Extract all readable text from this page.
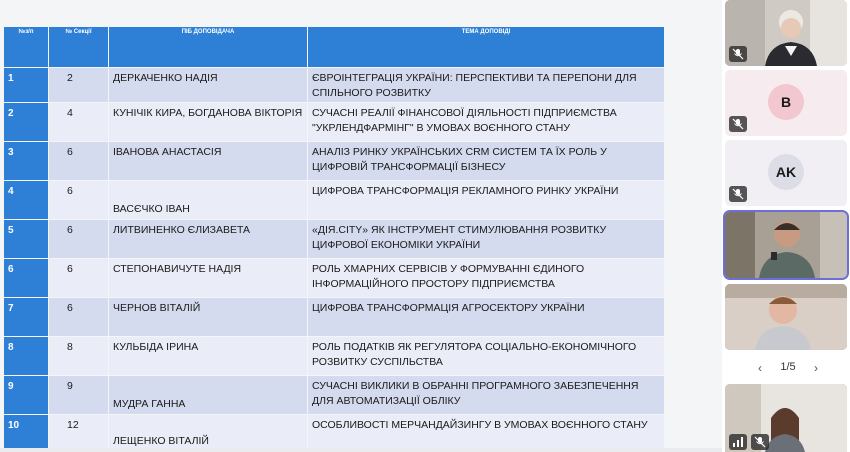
№з/п	№ Секції	ПІБ ДОПОВІДАЧА	ТЕМА ДОПОВІДІ
1	2	ДЕРКАЧЕНКО НАДІЯ	ЄВРОІНТЕГРАЦІЯ УКРАЇНИ: ПЕРСПЕКТИВИ ТА ПЕРЕПОНИ ДЛЯ СПІЛЬНОГО РОЗВИТКУ
2	4	КУНІЧІК КИРА, БОГДАНОВА ВІКТОРІЯ	СУЧАСНІ РЕАЛІЇ ФІНАНСОВОЇ ДІЯЛЬНОСТІ ПІДПРИЄМСТВА "УКРЛЕНДФАРМІНГ" В УМОВАХ ВОЄННОГО СТАНУ
3	6	ІВАНОВА АНАСТАСІЯ	АНАЛІЗ РИНКУ УКРАЇНСЬКИХ CRM СИСТЕМ ТА ЇХ РОЛЬ У ЦИФРОВІЙ ТРАНСФОРМАЦІЇ БІЗНЕСУ
4	6	ВАСЄЧКО ІВАН	ЦИФРОВА ТРАНСФОРМАЦІЯ РЕКЛАМНОГО РИНКУ УКРАЇНИ
5	6	ЛИТВИНЕНКО ЄЛИЗАВЕТА	«ДІЯ.CITY» ЯК ІНСТРУМЕНТ СТИМУЛЮВАННЯ РОЗВИТКУ ЦИФРОВОЇ ЕКОНОМІКИ УКРАЇНИ
6	6	СТЕПОНАВИЧУТЕ НАДІЯ	РОЛЬ ХМАРНИХ СЕРВІСІВ У ФОРМУВАННІ ЄДИНОГО ІНФОРМАЦІЙНОГО ПРОСТОРУ ПІДПРИЄМСТВА
7	6	ЧЕРНОВ ВІТАЛІЙ	ЦИФРОВА ТРАНСФОРМАЦІЯ АГРОСЕКТОРУ УКРАЇНИ
8	8	КУЛЬБІДА ІРИНА	РОЛЬ ПОДАТКІВ ЯК РЕГУЛЯТОРА СОЦІАЛЬНО-ЕКОНОМІЧНОГО РОЗВИТКУ СУСПІЛЬСТВА
9	9	МУДРА ГАННА	СУЧАСНІ ВИКЛИКИ В ОБРАННІ ПРОГРАМНОГО ЗАБЕЗПЕЧЕННЯ ДЛЯ АВТОМАТИЗАЦІЇ ОБЛІКУ
10	12	ЛЕЩЕНКО ВІТАЛІЙ	ОСОБЛИВОСТІ МЕРЧАНДАЙЗИНГУ В УМОВАХ ВОЄННОГО СТАНУ
B
AK
‹ 1/5 ›
